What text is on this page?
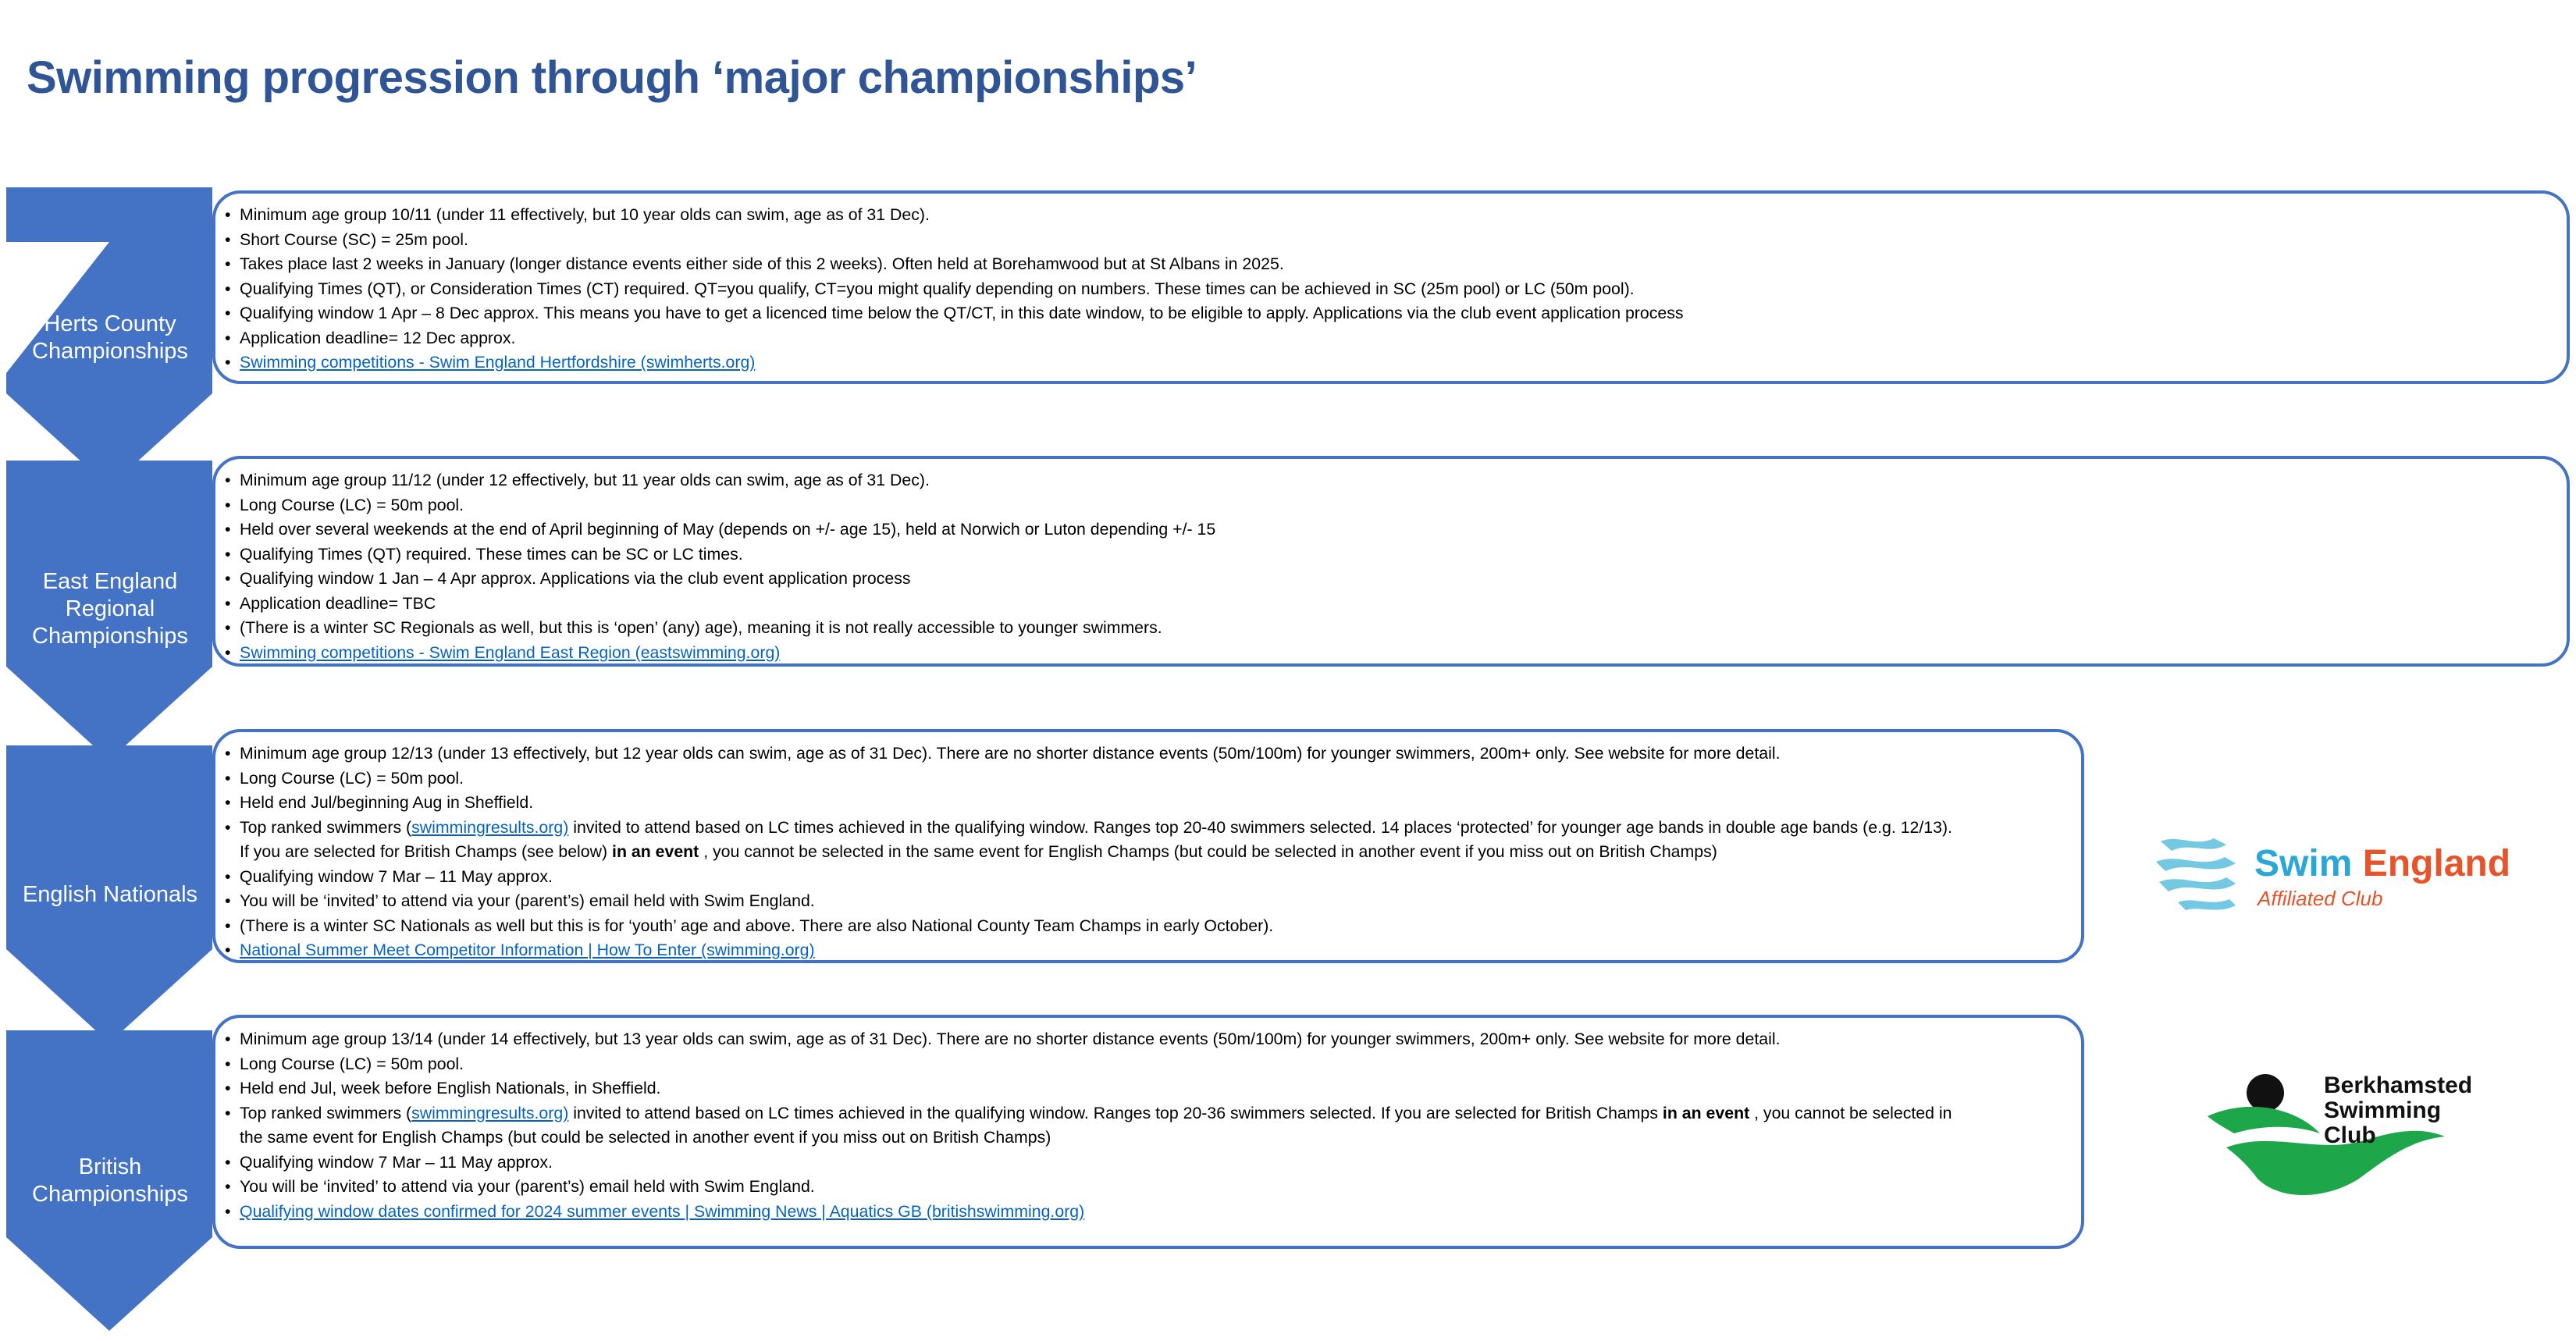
Swimming progression through ‘major championships’
Herts County
Championships
East England
Regional
Championships
English Nationals
British
Championships
• Minimum age group 10/11 (under 11 effectively, but 10 year olds can swim, age as of 31 Dec).
• Short Course (SC) = 25m pool.
• Takes place last 2 weeks in January (longer distance events either side of this 2 weeks). Often held at Borehamwood but at St Albans in 2025.
• Qualifying Times (QT), or Consideration Times (CT) required. QT=you qualify, CT=you might qualify depending on numbers. These times can be achieved in SC (25m pool) or LC (50m pool).
• Qualifying window 1 Apr – 8 Dec approx. This means you have to get a licenced time below the QT/CT, in this date window, to be eligible to apply. Applications via the club event application process
• Application deadline= 12 Dec approx.
• Swimming competitions - Swim England Hertfordshire (swimherts.org)
• Minimum age group 11/12 (under 12 effectively, but 11 year olds can swim, age as of 31 Dec).
• Long Course (LC) = 50m pool.
• Held over several weekends at the end of April beginning of May (depends on +/- age 15), held at Norwich or Luton depending +/- 15
• Qualifying Times (QT) required. These times can be SC or LC times.
• Qualifying window 1 Jan – 4 Apr approx. Applications via the club event application process
• Application deadline= TBC
• (There is a winter SC Regionals as well, but this is ‘open’ (any) age), meaning it is not really accessible to younger swimmers.
• Swimming competitions - Swim England East Region (eastswimming.org)
• Minimum age group 12/13 (under 13 effectively, but 12 year olds can swim, age as of 31 Dec). There are no shorter distance events (50m/100m) for younger swimmers, 200m+ only. See website for more detail.
• Long Course (LC) = 50m pool.
• Held end Jul/beginning Aug in Sheffield.
• Top ranked swimmers (swimmingresults.org) invited to attend based on LC times achieved in the qualifying window. Ranges top 20-40 swimmers selected. 14 places ‘protected’ for younger age bands in double age bands (e.g. 12/13).
If you are selected for British Champs (see below) in an event , you cannot be selected in the same event for English Champs (but could be selected in another event if you miss out on British Champs)
• Qualifying window 7 Mar – 11 May approx.
• You will be ‘invited’ to attend via your (parent’s) email held with Swim England.
• (There is a winter SC Nationals as well but this is for ‘youth’ age and above. There are also National County Team Champs in early October).
• National Summer Meet Competitor Information | How To Enter (swimming.org)
• Minimum age group 13/14 (under 14 effectively, but 13 year olds can swim, age as of 31 Dec). There are no shorter distance events (50m/100m) for younger swimmers, 200m+ only. See website for more detail.
• Long Course (LC) = 50m pool.
• Held end Jul, week before English Nationals, in Sheffield.
• Top ranked swimmers (swimmingresults.org) invited to attend based on LC times achieved in the qualifying window. Ranges top 20-36 swimmers selected. If you are selected for British Champs in an event , you cannot be selected in
the same event for English Champs (but could be selected in another event if you miss out on British Champs)
• Qualifying window 7 Mar – 11 May approx.
• You will be ‘invited’ to attend via your (parent’s) email held with Swim England.
• Qualifying window dates confirmed for 2024 summer events | Swimming News | Aquatics GB (britishswimming.org)
Swim England
Affiliated Club
Berkhamsted
Swimming
Club
